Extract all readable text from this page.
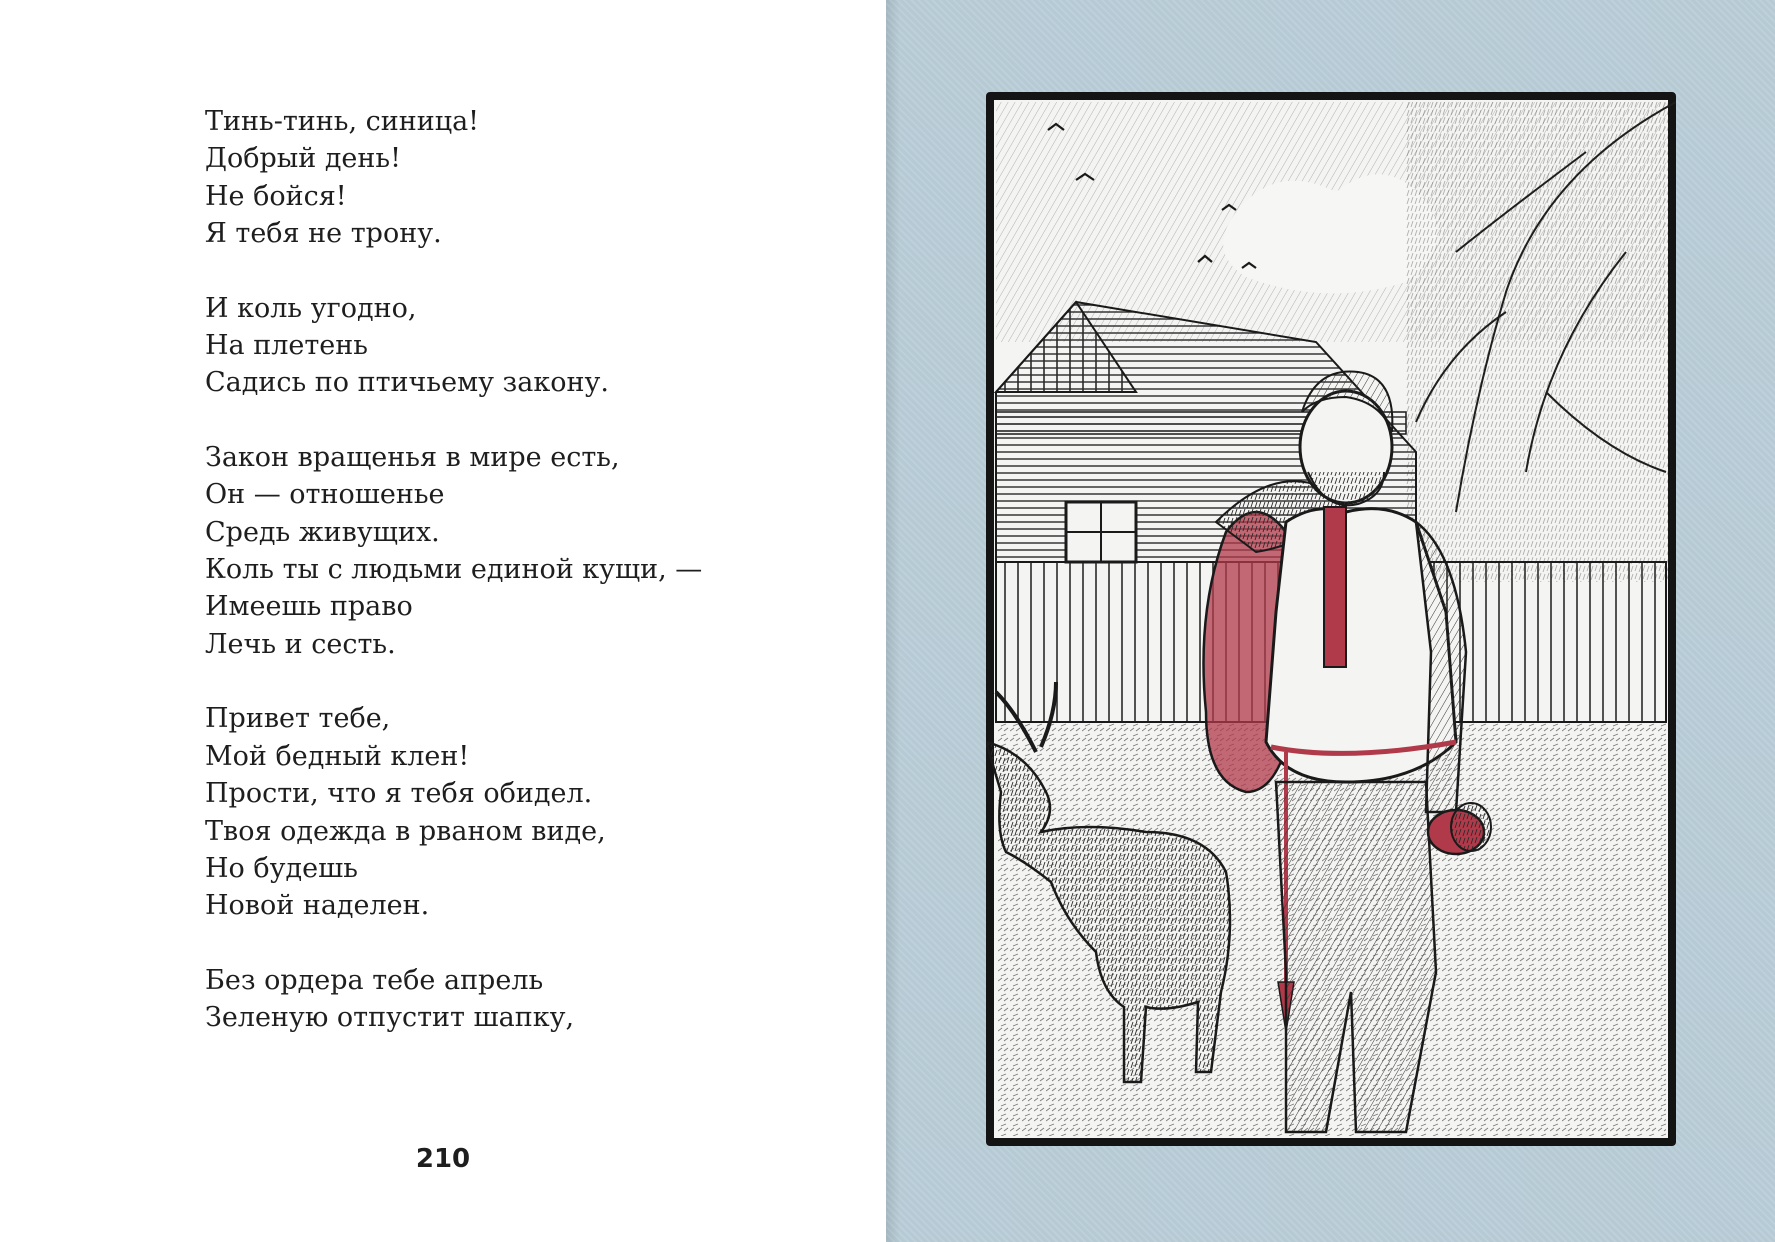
Тинь-тинь, синица!
Добрый день!
Не бойся!
Я тебя не трону.
И коль угодно,
На плетень
Садись по птичьему закону.
Закон вращенья в мире есть,
Он — отношенье
Средь живущих.
Коль ты с людьми единой кущи, —
Имеешь право
Лечь и сесть.
Привет тебе,
Мой бедный клен!
Прости, что я тебя обидел.
Твоя одежда в рваном виде,
Но будешь
Новой наделен.
Без ордера тебе апрель
Зеленую отпустит шапку,
210
